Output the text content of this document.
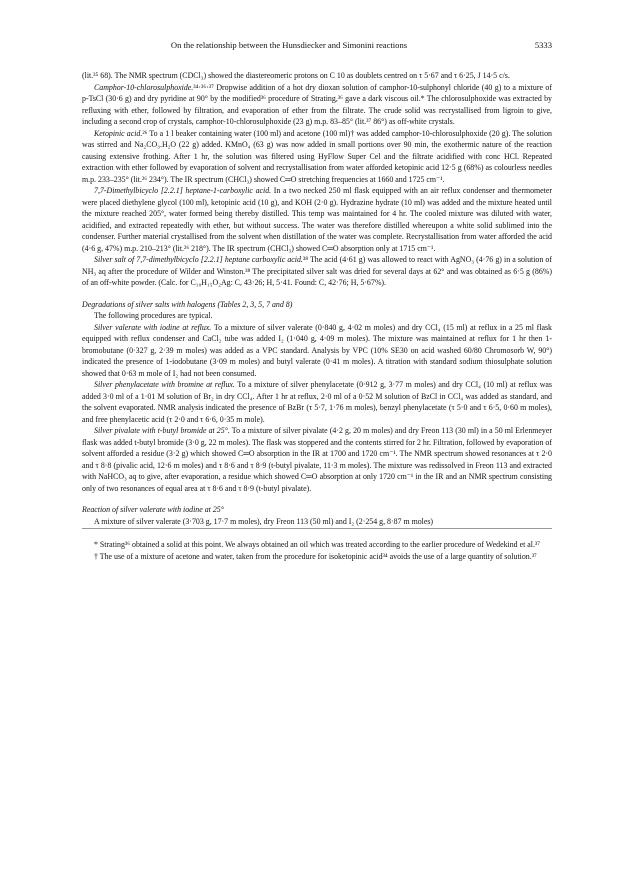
On the relationship between the Hunsdiecker and Simonini reactions	5333

(lit.³⁵ 68). The NMR spectrum (CDCl₃) showed the diastereomeric protons on C 10 as doublets centred on τ 5·67 and τ 6·25, J 14·5 c/s.

Camphor-10-chlorosulphoxide.³⁴·³⁶·³⁷ Dropwise addition of a hot dry dioxan solution of camphor-10-sulphonyl chloride (40 g) to a mixture of p-TsCl (30·6 g) and dry pyridine at 90° by the modified³⁶ procedure of Strating,³⁶ gave a dark viscous oil.* The chlorosulphoxide was extracted by refluxing with ether, followed by filtration, and evaporation of ether from the filtrate. The crude solid was recrystallised from ligroin to give, including a second crop of crystals, camphor-10-chlorosulphoxide (23 g) m.p. 83–85° (lit.³⁷ 86°) as off-white crystals.

Ketopinic acid.²⁶ To a 1 l beaker containing water (100 ml) and acetone (100 ml)† was added camphor-10-chlorosulphoxide (20 g). The solution was stirred and Na₂CO₃.H₂O (22 g) added. KMnO₄ (63 g) was now added in small portions over 90 min, the exothermic nature of the reaction causing extensive frothing. After 1 hr, the solution was filtered using HyFlow Super Cel and the filtrate acidified with conc HCl. Repeated extraction with ether followed by evaporation of solvent and recrystallisation from water afforded ketopinic acid 12·5 g (68%) as colourless needles m.p. 233–235° (lit.²⁶ 234°). The IR spectrum (CHCl₃) showed C═O stretching frequencies at 1660 and 1725 cm⁻¹.

7,7-Dimethylbicyclo [2.2.1] heptane-1-carboxylic acid. In a two necked 250 ml flask equipped with an air reflux condenser and thermometer were placed diethylene glycol (100 ml), ketopinic acid (10 g), and KOH (2·0 g). Hydrazine hydrate (10 ml) was added and the mixture heated until the mixture reached 205°, water formed being thereby distilled. This temp was maintained for 4 hr. The cooled mixture was diluted with water, acidified, and extracted repeatedly with ether, but without success. The water was therefore distilled whereupon a white solid sublimed into the condenser. Further material crystallised from the solvent when distillation of the water was complete. Recrystallisation from water afforded the acid (4·6 g, 47%) m.p. 210–213° (lit.²⁶ 218°). The IR spectrum (CHCl₃) showed C═O absorption only at 1715 cm⁻¹.

Silver salt of 7,7-dimethylbicyclo [2.2.1] heptane carboxylic acid.³⁸ The acid (4·61 g) was allowed to react with AgNO₃ (4·76 g) in a solution of NH₃ aq after the procedure of Wilder and Winston.³⁸ The precipitated silver salt was dried for several days at 62° and was obtained as 6·5 g (86%) of an off-white powder. (Calc. for C₁₀H₁₅O₂Ag: C, 43·26; H, 5·41. Found: C, 42·76; H, 5·67%).

Degradations of silver salts with halogens (Tables 2, 3, 5, 7 and 8)

The following procedures are typical.

Silver valerate with iodine at reflux. To a mixture of silver valerate (0·840 g, 4·02 m moles) and dry CCl₄ (15 ml) at reflux in a 25 ml flask equipped with reflux condenser and CaCl₂ tube was added I₂ (1·040 g, 4·09 m moles). The mixture was maintained at reflux for 1 hr then 1-bromobutane (0·327 g, 2·39 m moles) was added as a VPC standard. Analysis by VPC (10% SE30 on acid washed 60/80 Chromosorb W, 90°) indicated the presence of 1-iodobutane (3·09 m moles) and butyl valerate (0·41 m moles). A titration with standard sodium thiosulphate solution showed that 0·63 m mole of I₂ had not been consumed.

Silver phenylacetate with bromine at reflux. To a mixture of silver phenylacetate (0·912 g, 3·77 m moles) and dry CCl₄ (10 ml) at reflux was added 3·0 ml of a 1·01 M solution of Br₂ in dry CCl₄. After 1 hr at reflux, 2·0 ml of a 0·52 M solution of BzCl in CCl₄ was added as standard, and the solvent evaporated. NMR analysis indicated the presence of BzBr (τ 5·7, 1·76 m moles), benzyl phenylacetate (τ 5·0 and τ 6·5, 0·60 m moles), and free phenylacetic acid (τ 2·0 and τ 6·6, 0·35 m mole).

Silver pivalate with t-butyl bromide at 25°. To a mixture of silver pivalate (4·2 g, 20 m moles) and dry Freon 113 (30 ml) in a 50 ml Erlenmeyer flask was added t-butyl bromide (3·0 g, 22 m moles). The flask was stoppered and the contents stirred for 2 hr. Filtration, followed by evaporation of solvent afforded a residue (3·2 g) which showed C═O absorption in the IR at 1700 and 1720 cm⁻¹. The NMR spectrum showed resonances at τ 2·0 and τ 8·8 (pivalic acid, 12·6 m moles) and τ 8·6 and τ 8·9 (t-butyl pivalate, 11·3 m moles). The mixture was redissolved in Freon 113 and extracted with NaHCO₃ aq to give, after evaporation, a residue which showed C═O absorption at only 1720 cm⁻¹ in the IR and an NMR spectrum consisting only of two resonances of equal area at τ 8·6 and τ 8·9 (t-butyl pivalate).

Reaction of silver valerate with iodine at 25°

A mixture of silver valerate (3·703 g, 17·7 m moles), dry Freon 113 (50 ml) and I₂ (2·254 g, 8·87 m moles)

* Strating³⁶ obtained a solid at this point. We always obtained an oil which was treated according to the earlier procedure of Wedekind et al.³⁷

† The use of a mixture of acetone and water, taken from the procedure for isoketopinic acid³⁴ avoids the use of a large quantity of solution.³⁷
